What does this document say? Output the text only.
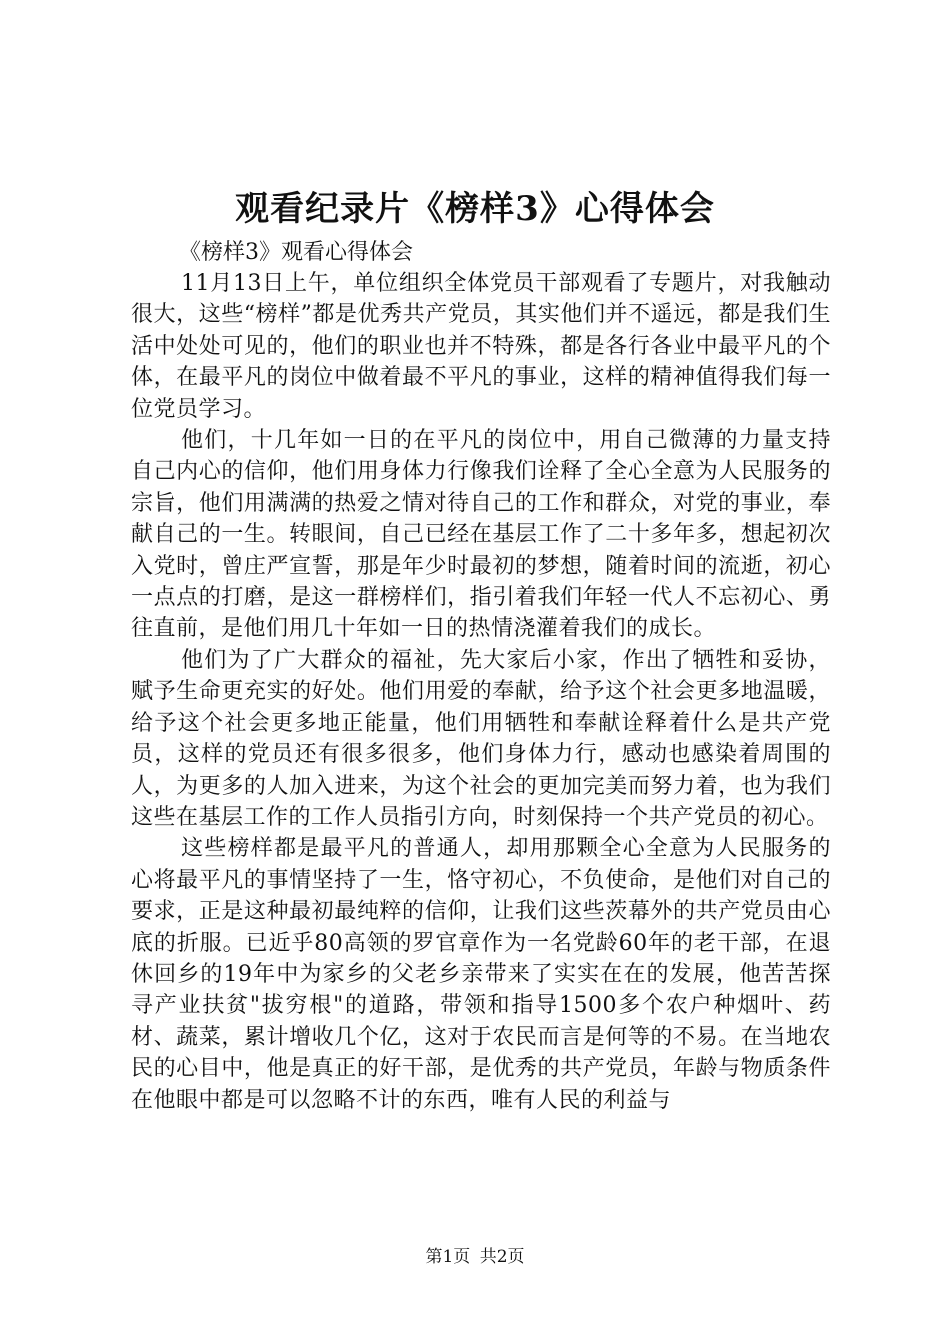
观看纪录片《榜样3》心得体会

《榜样3》观看心得体会

11月13日上午，单位组织全体党员干部观看了专题片，对我触动很大，这些“榜样”都是优秀共产党员，其实他们并不遥远，都是我们生活中处处可见的，他们的职业也并不特殊，都是各行各业中最平凡的个体，在最平凡的岗位中做着最不平凡的事业，这样的精神值得我们每一位党员学习。

他们，十几年如一日的在平凡的岗位中，用自己微薄的力量支持自己内心的信仰，他们用身体力行像我们诠释了全心全意为人民服务的宗旨，他们用满满的热爱之情对待自己的工作和群众，对党的事业，奉献自己的一生。转眼间，自己已经在基层工作了二十多年多，想起初次入党时，曾庄严宣誓，那是年少时最初的梦想，随着时间的流逝，初心一点点的打磨，是这一群榜样们，指引着我们年轻一代人不忘初心、勇往直前，是他们用几十年如一日的热情浇灌着我们的成长。

他们为了广大群众的福祉，先大家后小家，作出了牺牲和妥协，赋予生命更充实的好处。他们用爱的奉献，给予这个社会更多地温暖，给予这个社会更多地正能量，他们用牺牲和奉献诠释着什么是共产党员，这样的党员还有很多很多，他们身体力行，感动也感染着周围的人，为更多的人加入进来，为这个社会的更加完美而努力着，也为我们这些在基层工作的工作人员指引方向，时刻保持一个共产党员的初心。

这些榜样都是最平凡的普通人，却用那颗全心全意为人民服务的心将最平凡的事情坚持了一生，恪守初心，不负使命，是他们对自己的要求，正是这种最初最纯粹的信仰，让我们这些茨幕外的共产党员由心底的折服。已近乎80高领的罗官章作为一名党龄60年的老干部，在退休回乡的19年中为家乡的父老乡亲带来了实实在在的发展，他苦苦探寻产业扶贫"拔穷根"的道路，带领和指导1500多个农户种烟叶、药材、蔬菜，累计增收几个亿，这对于农民而言是何等的不易。在当地农民的心目中，他是真正的好干部，是优秀的共产党员，年龄与物质条件在他眼中都是可以忽略不计的东西，唯有人民的利益与

第1页 共2页
